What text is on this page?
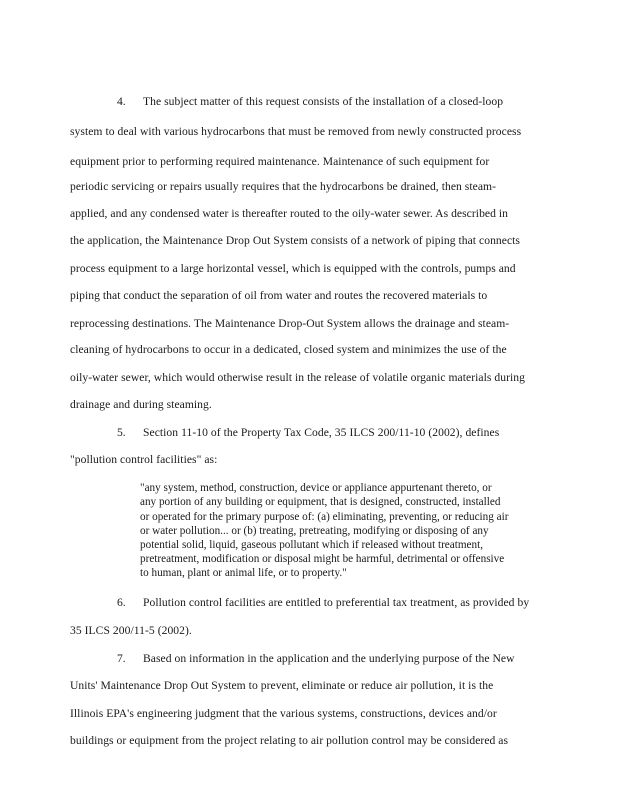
4. The subject matter of this request consists of the installation of a closed-loop
system to deal with various hydrocarbons that must be removed from newly constructed process
equipment prior to performing required maintenance. Maintenance of such equipment for
periodic servicing or repairs usually requires that the hydrocarbons be drained, then steam-
applied, and any condensed water is thereafter routed to the oily-water sewer. As described in
the application, the Maintenance Drop Out System consists of a network of piping that connects
process equipment to a large horizontal vessel, which is equipped with the controls, pumps and
piping that conduct the separation of oil from water and routes the recovered materials to
reprocessing destinations. The Maintenance Drop-Out System allows the drainage and steam-
cleaning of hydrocarbons to occur in a dedicated, closed system and minimizes the use of the
oily-water sewer, which would otherwise result in the release of volatile organic materials during
drainage and during steaming.
5. Section 11-10 of the Property Tax Code, 35 ILCS 200/11-10 (2002), defines
"pollution control facilities" as:
"any system, method, construction, device or appliance appurtenant thereto, or
any portion of any building or equipment, that is designed, constructed, installed
or operated for the primary purpose of: (a) eliminating, preventing, or reducing air
or water pollution... or (b) treating, pretreating, modifying or disposing of any
potential solid, liquid, gaseous pollutant which if released without treatment,
pretreatment, modification or disposal might be harmful, detrimental or offensive
to human, plant or animal life, or to property."
6. Pollution control facilities are entitled to preferential tax treatment, as provided by
35 ILCS 200/11-5 (2002).
7. Based on information in the application and the underlying purpose of the New
Units' Maintenance Drop Out System to prevent, eliminate or reduce air pollution, it is the
Illinois EPA's engineering judgment that the various systems, constructions, devices and/or
buildings or equipment from the project relating to air pollution control may be considered as
